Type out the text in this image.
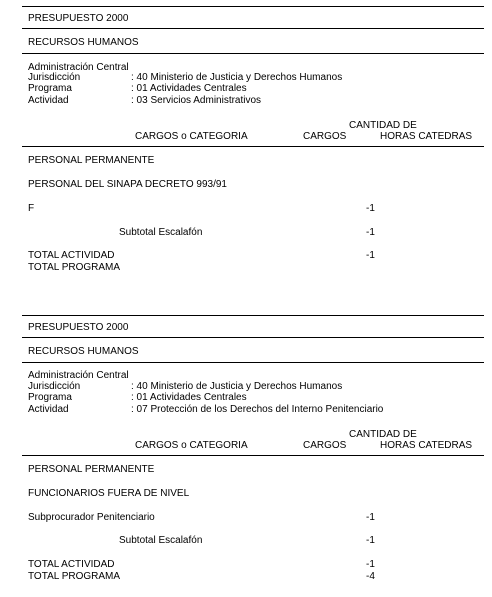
PRESUPUESTO 2000
RECURSOS HUMANOS
Administración Central
Jurisdicción	: 40 Ministerio de Justicia y Derechos Humanos
Programa	: 01 Actividades Centrales
Actividad	: 03 Servicios Administrativos
CANTIDAD DE
CARGOS o CATEGORIA	CARGOS	HORAS CATEDRAS
PERSONAL PERMANENTE
PERSONAL DEL SINAPA DECRETO 993/91
F	-1
Subtotal Escalafón	-1
TOTAL ACTIVIDAD	-1
TOTAL PROGRAMA
PRESUPUESTO 2000
RECURSOS HUMANOS
Administración Central
Jurisdicción	: 40 Ministerio de Justicia y Derechos Humanos
Programa	: 01 Actividades Centrales
Actividad	: 07 Protección de los Derechos del Interno Penitenciario
CANTIDAD DE
CARGOS o CATEGORIA	CARGOS	HORAS CATEDRAS
PERSONAL PERMANENTE
FUNCIONARIOS FUERA DE NIVEL
Subprocurador Penitenciario	-1
Subtotal Escalafón	-1
TOTAL ACTIVIDAD	-1
TOTAL PROGRAMA	-4
